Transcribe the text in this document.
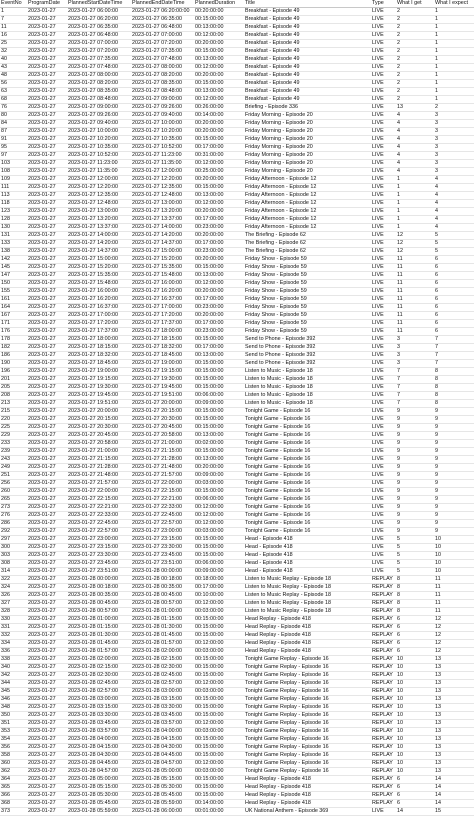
EventNo	ProgramDate	PlannedStartDateTime	PlannedEndDateTime	PlannedDuration	Title	Type	What I get	What I expect
1	2023-01-27	2023-01-27 06:00:00	2023-01-27 06:20:00:00	00:20:00:00	Breakfast - Episode 49	LIVE	2	1
7	2023-01-27	2023-01-27 06:20:00	2023-01-27 06:35:00	00:15:00:00	Breakfast - Episode 49	LIVE	2	1
11	2023-01-27	2023-01-27 06:35:00	2023-01-27 06:48:00	00:13:00:00	Breakfast - Episode 49	LIVE	2	1
16	2023-01-27	2023-01-27 06:48:00	2023-01-27 07:00:00	00:12:00:00	Breakfast - Episode 49	LIVE	2	1
25	2023-01-27	2023-01-27 07:00:00	2023-01-27 07:20:00	00:20:00:00	Breakfast - Episode 49	LIVE	2	1
32	2023-01-27	2023-01-27 07:20:00	2023-01-27 07:35:00	00:15:00:00	Breakfast - Episode 49	LIVE	2	1
40	2023-01-27	2023-01-27 07:35:00	2023-01-27 07:48:00	00:13:00:00	Breakfast - Episode 49	LIVE	2	1
43	2023-01-27	2023-01-27 07:48:00	2023-01-27 08:00:00	00:12:00:00	Breakfast - Episode 49	LIVE	2	1
48	2023-01-27	2023-01-27 08:00:00	2023-01-27 08:20:00	00:20:00:00	Breakfast - Episode 49	LIVE	2	1
56	2023-01-27	2023-01-27 08:20:00	2023-01-27 08:35:00	00:15:00:00	Breakfast - Episode 49	LIVE	2	1
63	2023-01-27	2023-01-27 08:35:00	2023-01-27 08:48:00	00:13:00:00	Breakfast - Episode 49	LIVE	2	1
68	2023-01-27	2023-01-27 08:48:00	2023-01-27 09:00:00	00:12:00:00	Breakfast - Episode 49	LIVE	2	1
76	2023-01-27	2023-01-27 09:00:00	2023-01-27 09:26:00	00:26:00:00	Briefing - Episode 336	LIVE	13	2
80	2023-01-27	2023-01-27 09:26:00	2023-01-27 09:40:00	00:14:00:00	Friday Morning - Episode 20	LIVE	4	3
84	2023-01-27	2023-01-27 09:40:00	2023-01-27 10:00:00	00:20:00:00	Friday Morning - Episode 20	LIVE	4	3
87	2023-01-27	2023-01-27 10:00:00	2023-01-27 10:20:00	00:20:00:00	Friday Morning - Episode 20	LIVE	4	3
91	2023-01-27	2023-01-27 10:20:00	2023-01-27 10:35:00	00:15:00:00	Friday Morning - Episode 20	LIVE	4	3
95	2023-01-27	2023-01-27 10:35:00	2023-01-27 10:52:00	00:17:00:00	Friday Morning - Episode 20	LIVE	4	3
97	2023-01-27	2023-01-27 10:52:00	2023-01-27 11:23:00	00:31:00:00	Friday Morning - Episode 20	LIVE	4	3
103	2023-01-27	2023-01-27 11:23:00	2023-01-27 11:35:00	00:12:00:00	Friday Morning - Episode 20	LIVE	4	3
108	2023-01-27	2023-01-27 11:35:00	2023-01-27 12:00:00	00:25:00:00	Friday Morning - Episode 20	LIVE	4	3
109	2023-01-27	2023-01-27 12:00:00	2023-01-27 12:20:00	00:20:00:00	Friday Afternoon - Episode 12	LIVE	1	4
111	2023-01-27	2023-01-27 12:20:00	2023-01-27 12:35:00	00:15:00:00	Friday Afternoon - Episode 12	LIVE	1	4
113	2023-01-27	2023-01-27 12:35:00	2023-01-27 12:48:00	00:13:00:00	Friday Afternoon - Episode 12	LIVE	1	4
118	2023-01-27	2023-01-27 12:48:00	2023-01-27 13:00:00	00:12:00:00	Friday Afternoon - Episode 12	LIVE	1	4
123	2023-01-27	2023-01-27 13:00:00	2023-01-27 13:20:00	00:20:00:00	Friday Afternoon - Episode 12	LIVE	1	4
128	2023-01-27	2023-01-27 13:20:00	2023-01-27 13:37:00	00:17:00:00	Friday Afternoon - Episode 12	LIVE	1	4
130	2023-01-27	2023-01-27 13:37:00	2023-01-27 14:00:00	00:23:00:00	Friday Afternoon - Episode 12	LIVE	1	4
131	2023-01-27	2023-01-27 14:00:00	2023-01-27 14:20:00	00:20:00:00	The Briefing - Episode 62	LIVE	12	5
133	2023-01-27	2023-01-27 14:20:00	2023-01-27 14:37:00	00:17:00:00	The Briefing - Episode 62	LIVE	12	5
138	2023-01-27	2023-01-27 14:37:00	2023-01-27 15:00:00	00:23:00:00	The Briefing - Episode 62	LIVE	12	5
142	2023-01-27	2023-01-27 15:00:00	2023-01-27 15:20:00	00:20:00:00	Friday Show - Episode 59	LIVE	11	6
145	2023-01-27	2023-01-27 15:20:00	2023-01-27 15:35:00	00:15:00:00	Friday Show - Episode 59	LIVE	11	6
147	2023-01-27	2023-01-27 15:35:00	2023-01-27 15:48:00	00:13:00:00	Friday Show - Episode 59	LIVE	11	6
150	2023-01-27	2023-01-27 15:48:00	2023-01-27 16:00:00	00:12:00:00	Friday Show - Episode 59	LIVE	11	6
155	2023-01-27	2023-01-27 16:00:00	2023-01-27 16:20:00	00:20:00:00	Friday Show - Episode 59	LIVE	11	6
161	2023-01-27	2023-01-27 16:20:00	2023-01-27 16:37:00	00:17:00:00	Friday Show - Episode 59	LIVE	11	6
164	2023-01-27	2023-01-27 16:37:00	2023-01-27 17:00:00	00:23:00:00	Friday Show - Episode 59	LIVE	11	6
167	2023-01-27	2023-01-27 17:00:00	2023-01-27 17:20:00	00:20:00:00	Friday Show - Episode 59	LIVE	11	6
171	2023-01-27	2023-01-27 17:20:00	2023-01-27 17:37:00	00:17:00:00	Friday Show - Episode 59	LIVE	11	6
176	2023-01-27	2023-01-27 17:37:00	2023-01-27 18:00:00	00:23:00:00	Friday Show - Episode 59	LIVE	11	6
178	2023-01-27	2023-01-27 18:00:00	2023-01-27 18:15:00	00:15:00:00	Send to Phone - Episode 392	LIVE	3	7
182	2023-01-27	2023-01-27 18:15:00	2023-01-27 18:32:00	00:17:00:00	Send to Phone - Episode 392	LIVE	3	7
186	2023-01-27	2023-01-27 18:32:00	2023-01-27 18:45:00	00:13:00:00	Send to Phone - Episode 392	LIVE	3	7
190	2023-01-27	2023-01-27 18:45:00	2023-01-27 19:00:00	00:15:00:00	Send to Phone - Episode 392	LIVE	3	7
196	2023-01-27	2023-01-27 19:00:00	2023-01-27 19:15:00	00:15:00:00	Listen to Music - Episode 18	LIVE	7	8
201	2023-01-27	2023-01-27 19:15:00	2023-01-27 19:30:00	00:15:00:00	Listen to Music - Episode 18	LIVE	7	8
205	2023-01-27	2023-01-27 19:30:00	2023-01-27 19:45:00	00:15:00:00	Listen to Music - Episode 18	LIVE	7	8
208	2023-01-27	2023-01-27 19:45:00	2023-01-27 19:51:00	00:06:00:00	Listen to Music - Episode 18	LIVE	7	8
213	2023-01-27	2023-01-27 19:51:00	2023-01-27 20:00:00	00:09:00:00	Listen to Music - Episode 18	LIVE	7	8
215	2023-01-27	2023-01-27 20:00:00	2023-01-27 20:15:00	00:15:00:00	Tonight Game - Episode 16	LIVE	9	9
220	2023-01-27	2023-01-27 20:15:00	2023-01-27 20:30:00	00:15:00:00	Tonight Game - Episode 16	LIVE	9	9
225	2023-01-27	2023-01-27 20:30:00	2023-01-27 20:45:00	00:15:00:00	Tonight Game - Episode 16	LIVE	9	9
229	2023-01-27	2023-01-27 20:45:00	2023-01-27 20:58:00	00:13:00:00	Tonight Game - Episode 16	LIVE	9	9
233	2023-01-27	2023-01-27 20:58:00	2023-01-27 21:00:00	00:02:00:00	Tonight Game - Episode 16	LIVE	9	9
239	2023-01-27	2023-01-27 21:00:00	2023-01-27 21:15:00	00:15:00:00	Tonight Game - Episode 16	LIVE	9	9
243	2023-01-27	2023-01-27 21:15:00	2023-01-27 21:28:00	00:13:00:00	Tonight Game - Episode 16	LIVE	9	9
249	2023-01-27	2023-01-27 21:28:00	2023-01-27 21:48:00	00:20:00:00	Tonight Game - Episode 16	LIVE	9	9
251	2023-01-27	2023-01-27 21:48:00	2023-01-27 21:57:00	00:09:00:00	Tonight Game - Episode 16	LIVE	9	9
256	2023-01-27	2023-01-27 21:57:00	2023-01-27 22:00:00	00:03:00:00	Tonight Game - Episode 16	LIVE	9	9
260	2023-01-27	2023-01-27 22:00:00	2023-01-27 22:15:00	00:15:00:00	Tonight Game - Episode 16	LIVE	9	9
265	2023-01-27	2023-01-27 22:15:00	2023-01-27 22:21:00	00:06:00:00	Tonight Game - Episode 16	LIVE	9	9
273	2023-01-27	2023-01-27 22:21:00	2023-01-27 22:33:00	00:12:00:00	Tonight Game - Episode 16	LIVE	9	9
276	2023-01-27	2023-01-27 22:33:00	2023-01-27 22:45:00	00:12:00:00	Tonight Game - Episode 16	LIVE	9	9
286	2023-01-27	2023-01-27 22:45:00	2023-01-27 22:57:00	00:12:00:00	Tonight Game - Episode 16	LIVE	9	9
292	2023-01-27	2023-01-27 22:57:00	2023-01-27 23:00:00	00:03:00:00	Tonight Game - Episode 16	LIVE	9	9
297	2023-01-27	2023-01-27 23:00:00	2023-01-27 23:15:00	00:15:00:00	Head - Episode 418	LIVE	5	10
300	2023-01-27	2023-01-27 23:15:00	2023-01-27 23:30:00	00:15:00:00	Head - Episode 418	LIVE	5	10
303	2023-01-27	2023-01-27 23:30:00	2023-01-27 23:45:00	00:15:00:00	Head - Episode 418	LIVE	5	10
308	2023-01-27	2023-01-27 23:45:00	2023-01-27 23:51:00	00:06:00:00	Head - Episode 418	LIVE	5	10
314	2023-01-27	2023-01-27 23:51:00	2023-01-28 00:00:00	00:09:00:00	Head - Episode 418	LIVE	5	10
322	2023-01-27	2023-01-28 00:00:00	2023-01-28 00:18:00	00:18:00:00	Listen to Music Replay - Episode 18	REPLAY	8	11
324	2023-01-27	2023-01-28 00:18:00	2023-01-28 00:35:00	00:17:00:00	Listen to Music Replay - Episode 18	REPLAY	8	11
326	2023-01-27	2023-01-28 00:35:00	2023-01-28 00:45:00	00:10:00:00	Listen to Music Replay - Episode 18	REPLAY	8	11
327	2023-01-27	2023-01-28 00:45:00	2023-01-28 00:57:00	00:12:00:00	Listen to Music Replay - Episode 18	REPLAY	8	11
328	2023-01-27	2023-01-28 00:57:00	2023-01-28 01:00:00	00:03:00:00	Listen to Music Replay - Episode 18	REPLAY	8	11
330	2023-01-27	2023-01-28 01:00:00	2023-01-28 01:15:00	00:15:00:00	Head Replay - Episode 418	REPLAY	6	12
331	2023-01-27	2023-01-28 01:15:00	2023-01-28 01:30:00	00:15:00:00	Head Replay - Episode 418	REPLAY	6	12
332	2023-01-27	2023-01-28 01:30:00	2023-01-28 01:45:00	00:15:00:00	Head Replay - Episode 418	REPLAY	6	12
334	2023-01-27	2023-01-28 01:45:00	2023-01-28 01:57:00	00:12:00:00	Head Replay - Episode 418	REPLAY	6	12
336	2023-01-27	2023-01-28 01:57:00	2023-01-28 02:00:00	00:03:00:00	Head Replay - Episode 418	REPLAY	6	12
338	2023-01-27	2023-01-28 02:00:00	2023-01-28 02:15:00	00:15:00:00	Tonight Game Replay - Episode 16	REPLAY	10	13
340	2023-01-27	2023-01-28 02:15:00	2023-01-28 02:30:00	00:15:00:00	Tonight Game Replay - Episode 16	REPLAY	10	13
342	2023-01-27	2023-01-28 02:30:00	2023-01-28 02:45:00	00:15:00:00	Tonight Game Replay - Episode 16	REPLAY	10	13
344	2023-01-27	2023-01-28 02:45:00	2023-01-28 02:57:00	00:12:00:00	Tonight Game Replay - Episode 16	REPLAY	10	13
345	2023-01-27	2023-01-28 02:57:00	2023-01-28 03:00:00	00:03:00:00	Tonight Game Replay - Episode 16	REPLAY	10	13
346	2023-01-27	2023-01-28 03:00:00	2023-01-28 03:15:00	00:15:00:00	Tonight Game Replay - Episode 16	REPLAY	10	13
348	2023-01-27	2023-01-28 03:15:00	2023-01-28 03:30:00	00:15:00:00	Tonight Game Replay - Episode 16	REPLAY	10	13
350	2023-01-27	2023-01-28 03:30:00	2023-01-28 03:45:00	00:15:00:00	Tonight Game Replay - Episode 16	REPLAY	10	13
351	2023-01-27	2023-01-28 03:45:00	2023-01-28 03:57:00	00:12:00:00	Tonight Game Replay - Episode 16	REPLAY	10	13
353	2023-01-27	2023-01-28 03:57:00	2023-01-28 04:00:00	00:03:00:00	Tonight Game Replay - Episode 16	REPLAY	10	13
354	2023-01-27	2023-01-28 04:00:00	2023-01-28 04:15:00	00:15:00:00	Tonight Game Replay - Episode 16	REPLAY	10	13
356	2023-01-27	2023-01-28 04:15:00	2023-01-28 04:30:00	00:15:00:00	Tonight Game Replay - Episode 16	REPLAY	10	13
358	2023-01-27	2023-01-28 04:30:00	2023-01-28 04:45:00	00:15:00:00	Tonight Game Replay - Episode 16	REPLAY	10	13
360	2023-01-27	2023-01-28 04:45:00	2023-01-28 04:57:00	00:12:00:00	Tonight Game Replay - Episode 16	REPLAY	10	13
362	2023-01-27	2023-01-28 04:57:00	2023-01-28 05:00:00	00:03:00:00	Tonight Game Replay - Episode 16	REPLAY	10	13
364	2023-01-27	2023-01-28 05:00:00	2023-01-28 05:15:00	00:15:00:00	Head Replay - Episode 418	REPLAY	6	14
365	2023-01-27	2023-01-28 05:15:00	2023-01-28 05:30:00	00:15:00:00	Head Replay - Episode 418	REPLAY	6	14
366	2023-01-27	2023-01-28 05:30:00	2023-01-28 05:45:00	00:15:00:00	Head Replay - Episode 418	REPLAY	6	14
368	2023-01-27	2023-01-28 05:45:00	2023-01-28 05:59:00	00:14:00:00	Head Replay - Episode 418	REPLAY	6	14
373	2023-01-27	2023-01-28 05:59:00	2023-01-28 06:00:00	00:01:00:00	UK National Anthem - Episode 369	LIVE	14	15
